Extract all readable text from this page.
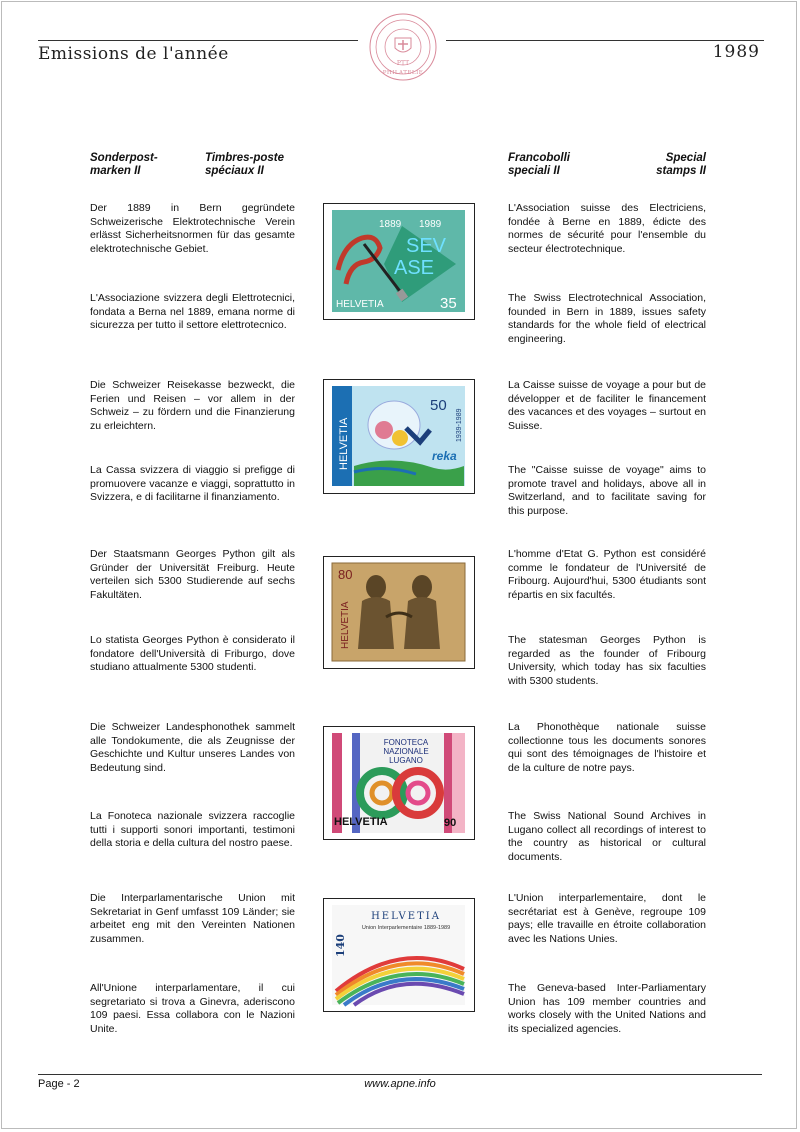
Emissions de l'année	1989
PTT
PHILATELIE
Sonderpost-
marken II
Timbres-poste
spéciaux II
Francobolli
speciali II
Special
stamps II
Der 1889 in Bern gegründete Schweizerische Elektrotechnische Verein erlässt Sicherheitsnormen für das gesamte elektrotechnische Gebiet.
L'Associazione svizzera degli Elettrotecnici, fondata a Berna nel 1889, emana norme di sicurezza per tutto il settore elettrotecnico.
L'Association suisse des Electriciens, fondée à Berne en 1889, édicte des normes de sécurité pour l'ensemble du secteur électrotechnique.
The Swiss Electrotechnical Association, founded in Bern in 1889, issues safety standards for the whole field of electrical engineering.
1889 1989
SEV
ASE
HELVETIA	35
Die Schweizer Reisekasse bezweckt, die Ferien und Reisen – vor allem in der Schweiz – zu fördern und die Finanzierung zu erleichtern.
La Cassa svizzera di viaggio si prefigge di promuovere vacanze e viaggi, soprattutto in Svizzera, e di facilitarne il finanziamento.
La Caisse suisse de voyage a pour but de développer et de faciliter le financement des vacances et des voyages – surtout en Suisse.
The "Caisse suisse de voyage" aims to promote travel and holidays, above all in Switzerland, and to facilitate saving for this purpose.
HELVETIA
50
reka
1939-1989
Der Staatsmann Georges Python gilt als Gründer der Universität Freiburg. Heute verteilen sich 5300 Studierende auf sechs Fakultäten.
Lo statista Georges Python è considerato il fondatore dell'Università di Friburgo, dove studiano attualmente 5300 studenti.
L'homme d'Etat G. Python est considéré comme le fondateur de l'Université de Fribourg. Aujourd'hui, 5300 étudiants sont répartis en six facultés.
The statesman Georges Python is regarded as the founder of Fribourg University, which today has six faculties with 5300 students.
80
HELVETIA
Die Schweizer Landesphonothek sammelt alle Tondokumente, die als Zeugnisse der Geschichte und Kultur unseres Landes von Bedeutung sind.
La Fonoteca nazionale svizzera raccoglie tutti i supporti sonori importanti, testimoni della storia e della cultura del nostro paese.
La Phonothèque nationale suisse collectionne tous les documents sonores qui sont des témoignages de l'histoire et de la culture de notre pays.
The Swiss National Sound Archives in Lugano collect all recordings of interest to the country as historical or cultural documents.
FONOTECA
NAZIONALE
LUGANO
HELVETIA	90
Die Interparlamentarische Union mit Sekretariat in Genf umfasst 109 Länder; sie arbeitet eng mit den Vereinten Nationen zusammen.
All'Unione interparlamentare, il cui segretariato si trova a Ginevra, aderiscono 109 paesi. Essa collabora con le Nazioni Unite.
L'Union interparlementaire, dont le secrétariat est à Genève, regroupe 109 pays; elle travaille en étroite collaboration avec les Nations Unies.
The Geneva-based Inter-Parliamentary Union has 109 member countries and works closely with the United Nations and its specialized agencies.
HELVETIA
Union Interparlementaire 1889-1989
140
Page - 2	www.apne.info
